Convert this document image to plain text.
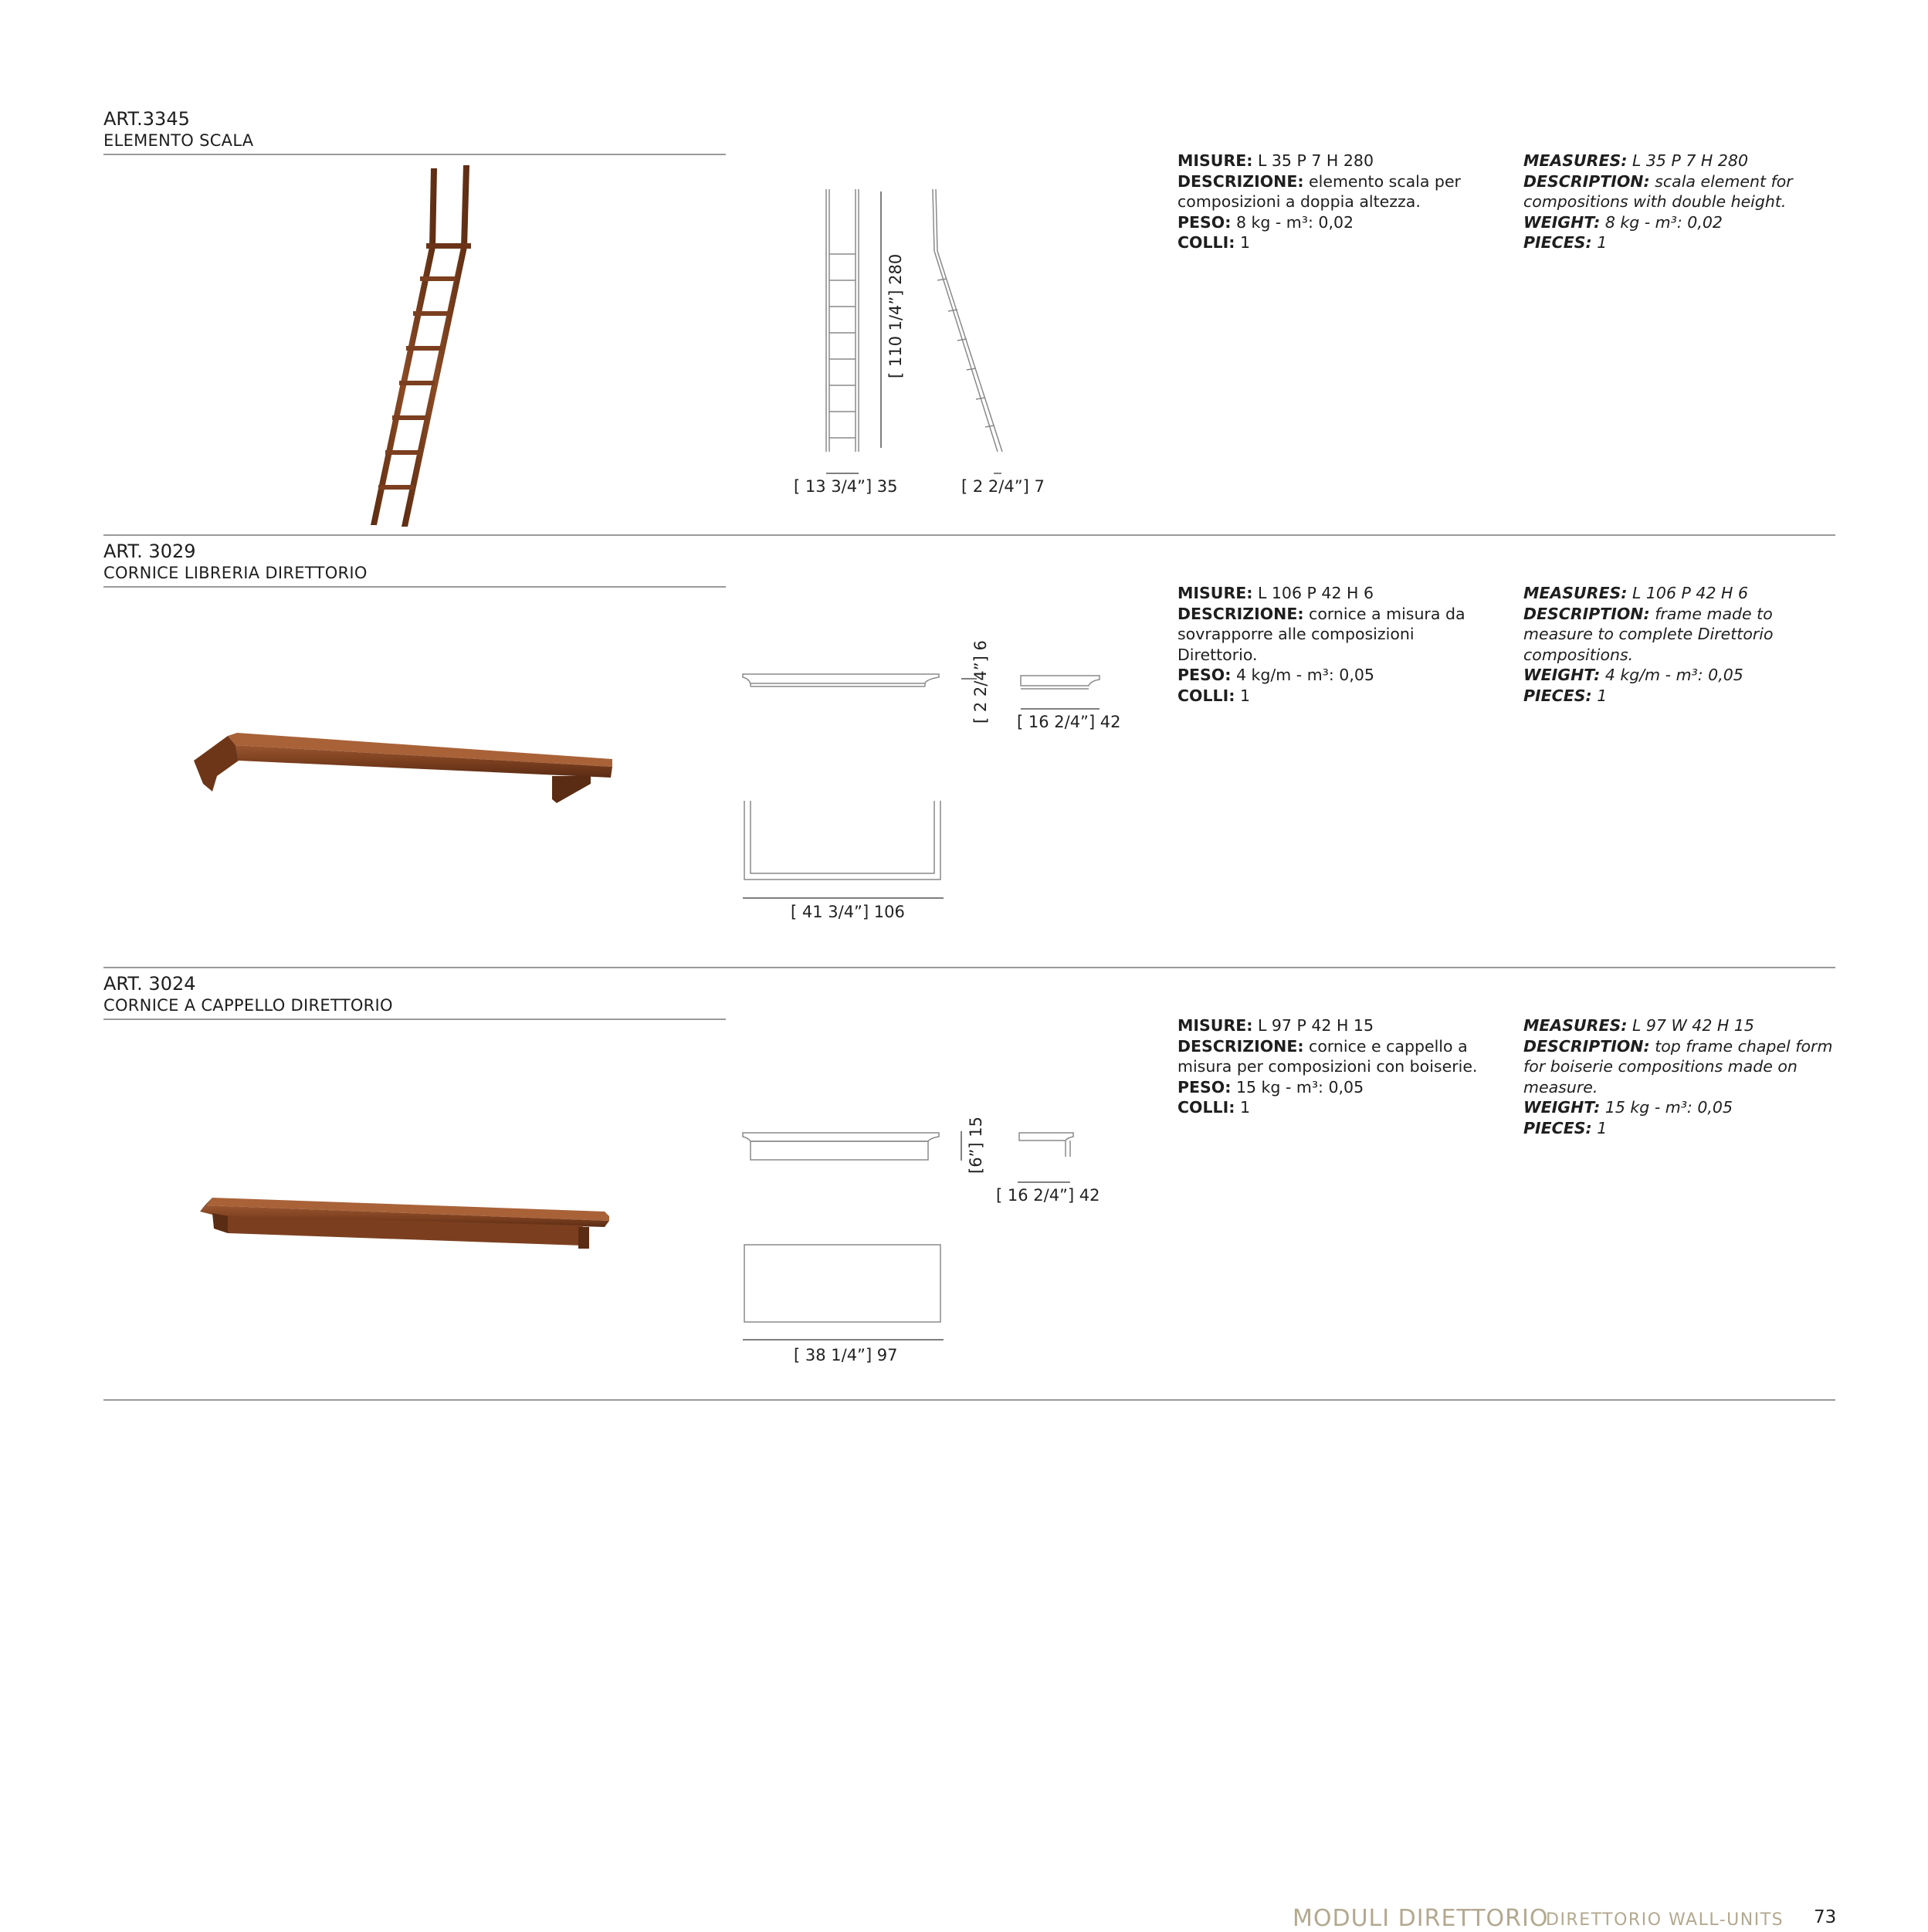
ART.3345
ELEMENTO SCALA
[ 13 3/4”] 35
[ 110 1/4”] 280
[ 2 2/4”] 7
MISURE: L 35 P 7 H 280
DESCRIZIONE: elemento scala per composizioni a doppia altezza.
PESO: 8 kg - m³: 0,02
COLLI: 1
MEASURES: L 35 P 7 H 280
DESCRIPTION: scala element for compositions with double height.
WEIGHT: 8 kg - m³: 0,02
PIECES: 1
ART. 3029
CORNICE LIBRERIA DIRETTORIO
[ 2 2/4”] 6 [ 16 2/4”] 42
[ 41 3/4”] 106
MISURE: L 106 P 42 H 6
DESCRIZIONE: cornice a misura da sovrapporre alle composizioni Direttorio.
PESO: 4 kg/m - m³: 0,05
COLLI: 1
MEASURES: L 106 P 42 H 6
DESCRIPTION: frame made to measure to complete Direttorio compositions.
WEIGHT: 4 kg/m - m³: 0,05
PIECES: 1
ART. 3024
CORNICE A CAPPELLO DIRETTORIO
[6”] 15
[ 16 2/4”] 42
[ 38 1/4”] 97
MISURE: L 97 P 42 H 15
DESCRIZIONE: cornice e cappello a misura per composizioni con boiserie.
PESO: 15 kg - m³: 0,05
COLLI: 1
MEASURES: L 97 W 42 H 15
DESCRIPTION: top frame chapel form for boiserie compositions made on measure.
WEIGHT: 15 kg - m³: 0,05
PIECES: 1
MODULI DIRETTORIO
DIRETTORIO WALL-UNITS 73
